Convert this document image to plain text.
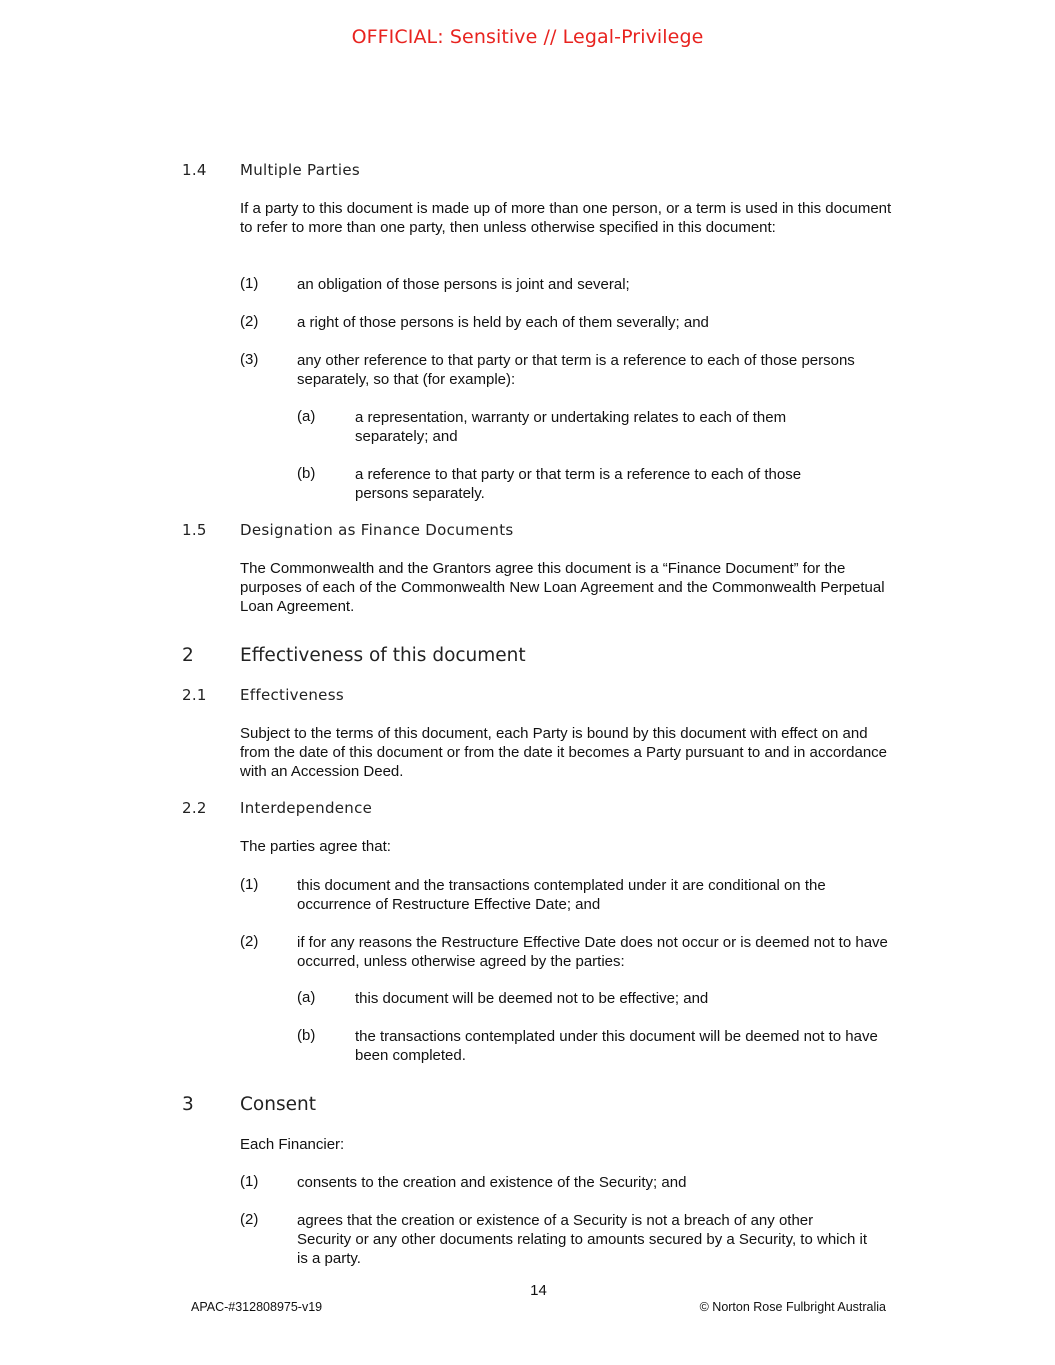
OFFICIAL: Sensitive // Legal-Privilege
1.4 Multiple Parties
If a party to this document is made up of more than one person, or a term is used in this document to refer to more than one party, then unless otherwise specified in this document:
(1)	an obligation of those persons is joint and several;
(2)	a right of those persons is held by each of them severally; and
(3)	any other reference to that party or that term is a reference to each of those persons separately, so that (for example):
(a)	a representation, warranty or undertaking relates to each of them separately; and
(b)	a reference to that party or that term is a reference to each of those persons separately.
1.5 Designation as Finance Documents
The Commonwealth and the Grantors agree this document is a “Finance Document” for the purposes of each of the Commonwealth New Loan Agreement and the Commonwealth Perpetual Loan Agreement.
2 Effectiveness of this document
2.1 Effectiveness
Subject to the terms of this document, each Party is bound by this document with effect on and from the date of this document or from the date it becomes a Party pursuant to and in accordance with an Accession Deed.
2.2 Interdependence
The parties agree that:
(1)	this document and the transactions contemplated under it are conditional on the occurrence of Restructure Effective Date; and
(2)	if for any reasons the Restructure Effective Date does not occur or is deemed not to have occurred, unless otherwise agreed by the parties:
(a)	this document will be deemed not to be effective; and
(b)	the transactions contemplated under this document will be deemed not to have been completed.
3 Consent
Each Financier:
(1)	consents to the creation and existence of the Security; and
(2)	agrees that the creation or existence of a Security is not a breach of any other Security or any other documents relating to amounts secured by a Security, to which it is a party.
14
APAC-#312808975-v19	© Norton Rose Fulbright Australia
